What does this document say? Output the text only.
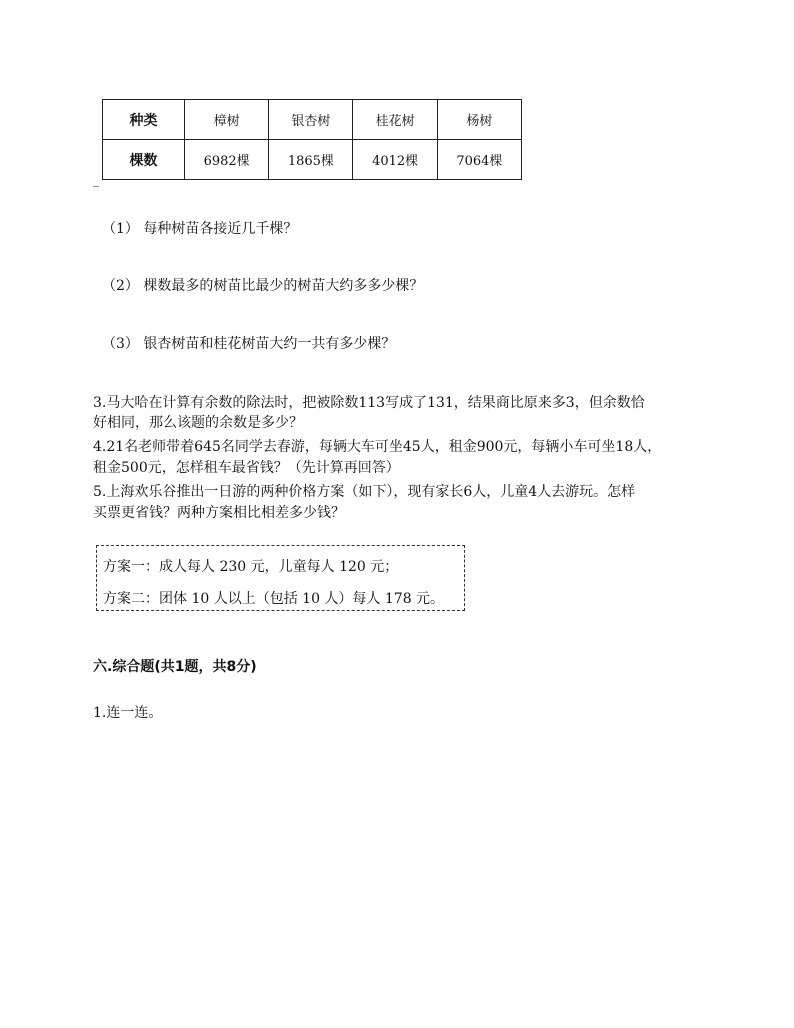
种类	樟树	银杏树	桂花树	杨树
棵数	6982棵	1865棵	4012棵	7064棵
_
（1） 每种树苗各接近几千棵？
（2） 棵数最多的树苗比最少的树苗大约多多少棵？
（3） 银杏树苗和桂花树苗大约一共有多少棵？
3.马大哈在计算有余数的除法时，把被除数113写成了131，结果商比原来多3，但余数恰
好相同，那么该题的余数是多少？
4.21名老师带着645名同学去春游，每辆大车可坐45人，租金900元，每辆小车可坐18人，
租金500元，怎样租车最省钱？（先计算再回答）
5.上海欢乐谷推出一日游的两种价格方案（如下），现有家长6人，儿童4人去游玩。怎样
买票更省钱？两种方案相比相差多少钱？
方案一：成人每人 230 元，儿童每人 120 元；
方案二：团体 10 人以上（包括 10 人）每人 178 元。
六.综合题(共1题，共8分)
1.连一连。
